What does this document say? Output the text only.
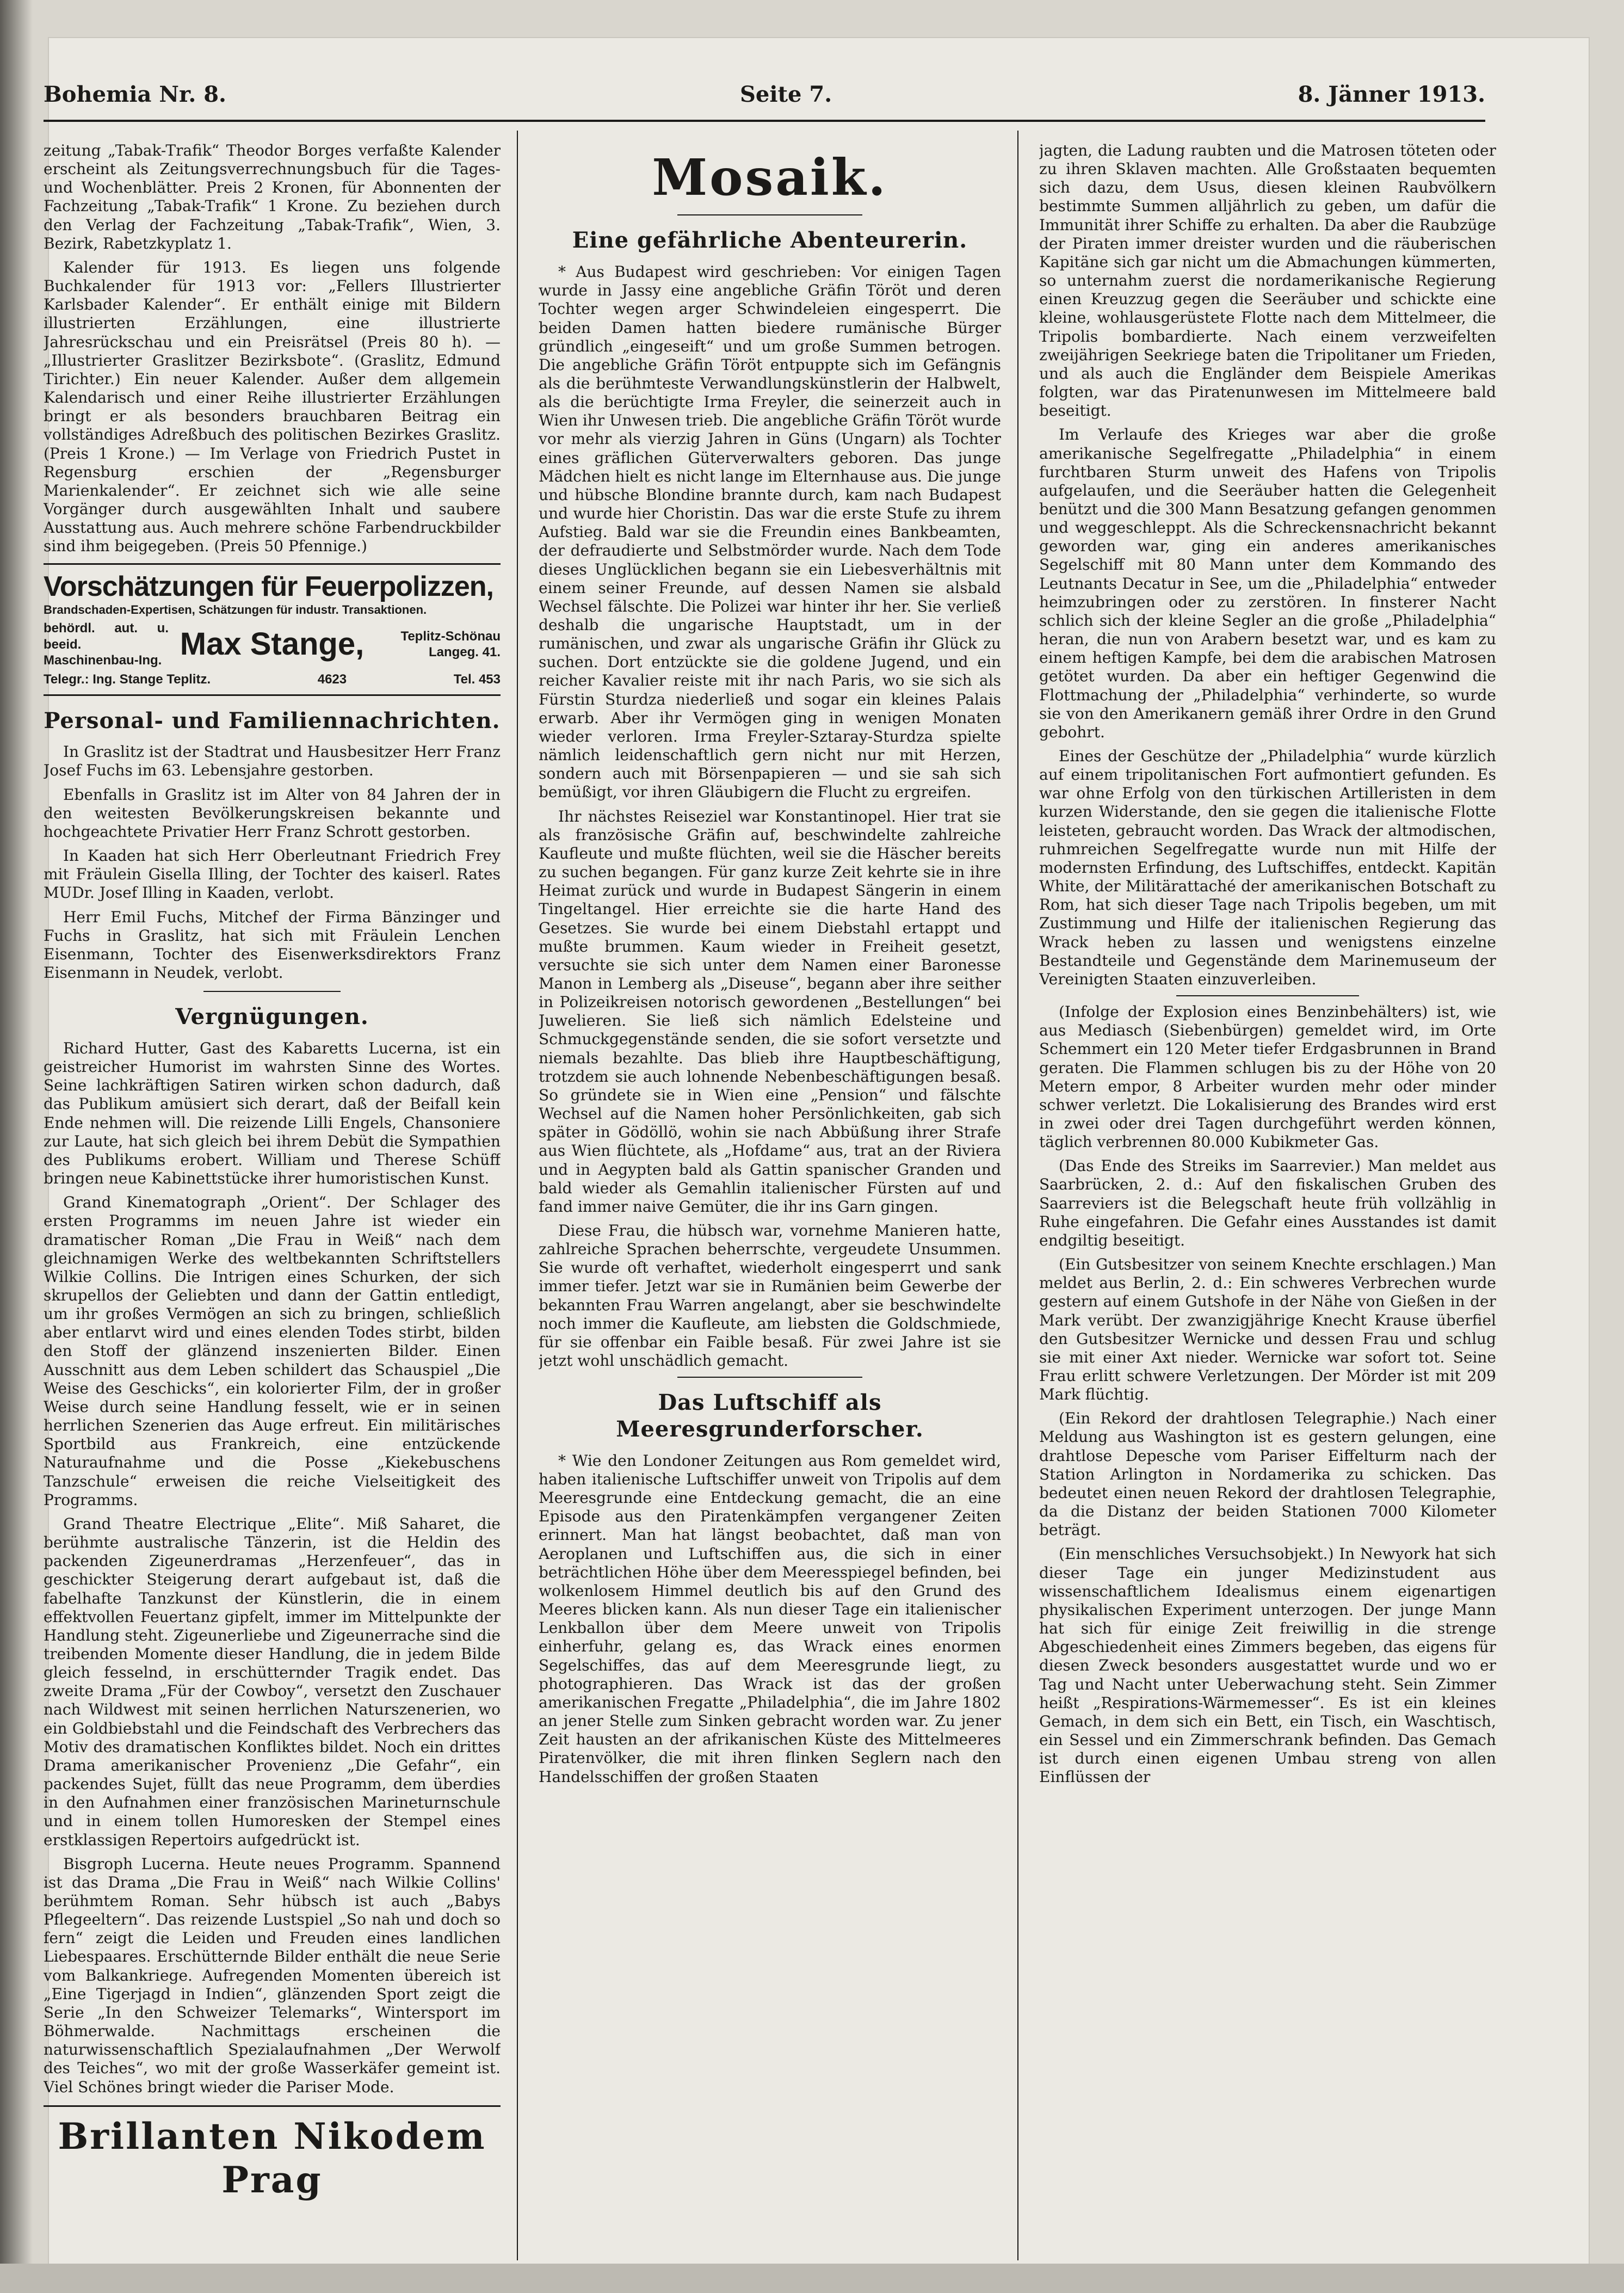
Bohemia Nr. 8.	Seite 7.	8. Jänner 1913.

zeitung „Tabak-Trafik“ Theodor Borges verfaßte Kalender erscheint als Zeitungsverrechnungsbuch für die Tages- und Wochenblätter. Preis 2 Kronen, für Abonnenten der Fachzeitung „Tabak-Trafik“ 1 Krone. Zu beziehen durch den Verlag der Fachzeitung „Tabak-Trafik“, Wien, 3. Bezirk, Rabetzkyplatz 1.

Kalender für 1913. Es liegen uns folgende Buchkalender für 1913 vor: „Fellers Illustrierter Karlsbader Kalender“. Er enthält einige mit Bildern illustrierten Erzählungen, eine illustrierte Jahresrückschau und ein Preisrätsel (Preis 80 h). — „Illustrierter Graslitzer Bezirksbote“. (Graslitz, Edmund Tirichter.) Ein neuer Kalender. Außer dem allgemein Kalendarisch und einer Reihe illustrierter Erzählungen bringt er als besonders brauchbaren Beitrag ein vollständiges Adreßbuch des politischen Bezirkes Graslitz. (Preis 1 Krone.) — Im Verlage von Friedrich Pustet in Regensburg erschien der „Regensburger Marienkalender“. Er zeichnet sich wie alle seine Vorgänger durch ausgewählten Inhalt und saubere Ausstattung aus. Auch mehrere schöne Farbendruckbilder sind ihm beigegeben. (Preis 50 Pfennige.)

Vorschätzungen für Feuerpolizzen,
Brandschaden-Expertisen, Schätzungen für industr. Transaktionen.
behördl. aut. u. beeid. Maschinenbau-Ing. Max Stange,	Teplitz-Schönau Langeg. 41.
Telegr.: Ing. Stange Teplitz.	4623	Tel. 453
Personal- und Familiennachrichten.

In Graslitz ist der Stadtrat und Hausbesitzer Herr Franz Josef Fuchs im 63. Lebensjahre gestorben.

Ebenfalls in Graslitz ist im Alter von 84 Jahren der in den weitesten Bevölkerungskreisen bekannte und hochgeachtete Privatier Herr Franz Schrott gestorben.

In Kaaden hat sich Herr Oberleutnant Friedrich Frey mit Fräulein Gisella Illing, der Tochter des kaiserl. Rates MUDr. Josef Illing in Kaaden, verlobt.

Herr Emil Fuchs, Mitchef der Firma Bänzinger und Fuchs in Graslitz, hat sich mit Fräulein Lenchen Eisenmann, Tochter des Eisenwerksdirektors Franz Eisenmann in Neudek, verlobt.

Vergnügungen.

Richard Hutter, Gast des Kabaretts Lucerna, ist ein geistreicher Humorist im wahrsten Sinne des Wortes. Seine lachkräftigen Satiren wirken schon dadurch, daß das Publikum amüsiert sich derart, daß der Beifall kein Ende nehmen will. Die reizende Lilli Engels, Chansoniere zur Laute, hat sich gleich bei ihrem Debüt die Sympathien des Publikums erobert. William und Therese Schüff bringen neue Kabinettstücke ihrer humoristischen Kunst.

Grand Kinematograph „Orient“. Der Schlager des ersten Programms im neuen Jahre ist wieder ein dramatischer Roman „Die Frau in Weiß“ nach dem gleichnamigen Werke des weltbekannten Schriftstellers Wilkie Collins. Die Intrigen eines Schurken, der sich skrupellos der Geliebten und dann der Gattin entledigt, um ihr großes Vermögen an sich zu bringen, schließlich aber entlarvt wird und eines elenden Todes stirbt, bilden den Stoff der glänzend inszenierten Bilder. Einen Ausschnitt aus dem Leben schildert das Schauspiel „Die Weise des Geschicks“, ein kolorierter Film, der in großer Weise durch seine Handlung fesselt, wie er in seinen herrlichen Szenerien das Auge erfreut. Ein militärisches Sportbild aus Frankreich, eine entzückende Naturaufnahme und die Posse „Kiekebuschens Tanzschule“ erweisen die reiche Vielseitigkeit des Programms.

Grand Theatre Electrique „Elite“. Miß Saharet, die berühmte australische Tänzerin, ist die Heldin des packenden Zigeunerdramas „Herzenfeuer“, das in geschickter Steigerung derart aufgebaut ist, daß die fabelhafte Tanzkunst der Künstlerin, die in einem effektvollen Feuertanz gipfelt, immer im Mittelpunkte der Handlung steht. Zigeunerliebe und Zigeunerrache sind die treibenden Momente dieser Handlung, die in jedem Bilde gleich fesselnd, in erschütternder Tragik endet. Das zweite Drama „Für der Cowboy“, versetzt den Zuschauer nach Wildwest mit seinen herrlichen Naturszenerien, wo ein Goldbiebstahl und die Feindschaft des Verbrechers das Motiv des dramatischen Konfliktes bildet. Noch ein drittes Drama amerikanischer Provenienz „Die Gefahr“, ein packendes Sujet, füllt das neue Programm, dem überdies in den Aufnahmen einer französischen Marineturnschule und in einem tollen Humoresken der Stempel eines erstklassigen Repertoirs aufgedrückt ist.

Bisgroph Lucerna. Heute neues Programm. Spannend ist das Drama „Die Frau in Weiß“ nach Wilkie Collins' berühmtem Roman. Sehr hübsch ist auch „Babys Pflegeeltern“. Das reizende Lustspiel „So nah und doch so fern“ zeigt die Leiden und Freuden eines landlichen Liebespaares. Erschütternde Bilder enthält die neue Serie vom Balkankriege. Aufregenden Momenten übereich ist „Eine Tigerjagd in Indien“, glänzenden Sport zeigt die Serie „In den Schweizer Telemarks“, Wintersport im Böhmerwalde. Nachmittags erscheinen die naturwissenschaftlich Spezialaufnahmen „Der Werwolf des Teiches“, wo mit der große Wasserkäfer gemeint ist. Viel Schönes bringt wieder die Pariser Mode.

Brillanten Nikodem Prag
Mosaik.
Eine gefährliche Abenteurerin.

* Aus Budapest wird geschrieben: Vor einigen Tagen wurde in Jassy eine angebliche Gräfin Töröt und deren Tochter wegen arger Schwindeleien eingesperrt. Die beiden Damen hatten biedere rumänische Bürger gründlich „eingeseift“ und um große Summen betrogen. Die angebliche Gräfin Töröt entpuppte sich im Gefängnis als die berühmteste Verwandlungskünstlerin der Halbwelt, als die berüchtigte Irma Freyler, die seinerzeit auch in Wien ihr Unwesen trieb. Die angebliche Gräfin Töröt wurde vor mehr als vierzig Jahren in Güns (Ungarn) als Tochter eines gräflichen Güterverwalters geboren. Das junge Mädchen hielt es nicht lange im Elternhause aus. Die junge und hübsche Blondine brannte durch, kam nach Budapest und wurde hier Choristin. Das war die erste Stufe zu ihrem Aufstieg. Bald war sie die Freundin eines Bankbeamten, der defraudierte und Selbstmörder wurde. Nach dem Tode dieses Unglücklichen begann sie ein Liebesverhältnis mit einem seiner Freunde, auf dessen Namen sie alsbald Wechsel fälschte. Die Polizei war hinter ihr her. Sie verließ deshalb die ungarische Hauptstadt, um in der rumänischen, und zwar als ungarische Gräfin ihr Glück zu suchen. Dort entzückte sie die goldene Jugend, und ein reicher Kavalier reiste mit ihr nach Paris, wo sie sich als Fürstin Sturdza niederließ und sogar ein kleines Palais erwarb. Aber ihr Vermögen ging in wenigen Monaten wieder verloren. Irma Freyler-Sztaray-Sturdza spielte nämlich leidenschaftlich gern nicht nur mit Herzen, sondern auch mit Börsenpapieren — und sie sah sich bemüßigt, vor ihren Gläubigern die Flucht zu ergreifen.

Ihr nächstes Reiseziel war Konstantinopel. Hier trat sie als französische Gräfin auf, beschwindelte zahlreiche Kaufleute und mußte flüchten, weil sie die Häscher bereits zu suchen begangen. Für ganz kurze Zeit kehrte sie in ihre Heimat zurück und wurde in Budapest Sängerin in einem Tingeltangel. Hier erreichte sie die harte Hand des Gesetzes. Sie wurde bei einem Diebstahl ertappt und mußte brummen. Kaum wieder in Freiheit gesetzt, versuchte sie sich unter dem Namen einer Baronesse Manon in Lemberg als „Diseuse“, begann aber ihre seither in Polizeikreisen notorisch gewordenen „Bestellungen“ bei Juwelieren. Sie ließ sich nämlich Edelsteine und Schmuckgegenstände senden, die sie sofort versetzte und niemals bezahlte. Das blieb ihre Hauptbeschäftigung, trotzdem sie auch lohnende Nebenbeschäftigungen besaß. So gründete sie in Wien eine „Pension“ und fälschte Wechsel auf die Namen hoher Persönlichkeiten, gab sich später in Gödöllö, wohin sie nach Abbüßung ihrer Strafe aus Wien flüchtete, als „Hofdame“ aus, trat an der Riviera und in Aegypten bald als Gattin spanischer Granden und bald wieder als Gemahlin italienischer Fürsten auf und fand immer naive Gemüter, die ihr ins Garn gingen.

Diese Frau, die hübsch war, vornehme Manieren hatte, zahlreiche Sprachen beherrschte, vergeudete Unsummen. Sie wurde oft verhaftet, wiederholt eingesperrt und sank immer tiefer. Jetzt war sie in Rumänien beim Gewerbe der bekannten Frau Warren angelangt, aber sie beschwindelte noch immer die Kaufleute, am liebsten die Goldschmiede, für sie offenbar ein Faible besaß. Für zwei Jahre ist sie jetzt wohl unschädlich gemacht.

Das Luftschiff als Meeresgrunderforscher.

* Wie den Londoner Zeitungen aus Rom gemeldet wird, haben italienische Luftschiffer unweit von Tripolis auf dem Meeresgrunde eine Entdeckung gemacht, die an eine Episode aus den Piratenkämpfen vergangener Zeiten erinnert. Man hat längst beobachtet, daß man von Aeroplanen und Luftschiffen aus, die sich in einer beträchtlichen Höhe über dem Meeresspiegel befinden, bei wolkenlosem Himmel deutlich bis auf den Grund des Meeres blicken kann. Als nun dieser Tage ein italienischer Lenkballon über dem Meere unweit von Tripolis einherfuhr, gelang es, das Wrack eines enormen Segelschiffes, das auf dem Meeresgrunde liegt, zu photographieren. Das Wrack ist das der großen amerikanischen Fregatte „Philadelphia“, die im Jahre 1802 an jener Stelle zum Sinken gebracht worden war. Zu jener Zeit hausten an der afrikanischen Küste des Mittelmeeres Piratenvölker, die mit ihren flinken Seglern nach den Handelsschiffen der großen Staaten

jagten, die Ladung raubten und die Matrosen töteten oder zu ihren Sklaven machten. Alle Großstaaten bequemten sich dazu, dem Usus, diesen kleinen Raubvölkern bestimmte Summen alljährlich zu geben, um dafür die Immunität ihrer Schiffe zu erhalten. Da aber die Raubzüge der Piraten immer dreister wurden und die räuberischen Kapitäne sich gar nicht um die Abmachungen kümmerten, so unternahm zuerst die nordamerikanische Regierung einen Kreuzzug gegen die Seeräuber und schickte eine kleine, wohlausgerüstete Flotte nach dem Mittelmeer, die Tripolis bombardierte. Nach einem verzweifelten zweijährigen Seekriege baten die Tripolitaner um Frieden, und als auch die Engländer dem Beispiele Amerikas folgten, war das Piratenunwesen im Mittelmeere bald beseitigt.

Im Verlaufe des Krieges war aber die große amerikanische Segelfregatte „Philadelphia“ in einem furchtbaren Sturm unweit des Hafens von Tripolis aufgelaufen, und die Seeräuber hatten die Gelegenheit benützt und die 300 Mann Besatzung gefangen genommen und weggeschleppt. Als die Schreckensnachricht bekannt geworden war, ging ein anderes amerikanisches Segelschiff mit 80 Mann unter dem Kommando des Leutnants Decatur in See, um die „Philadelphia“ entweder heimzubringen oder zu zerstören. In finsterer Nacht schlich sich der kleine Segler an die große „Philadelphia“ heran, die nun von Arabern besetzt war, und es kam zu einem heftigen Kampfe, bei dem die arabischen Matrosen getötet wurden. Da aber ein heftiger Gegenwind die Flottmachung der „Philadelphia“ verhinderte, so wurde sie von den Amerikanern gemäß ihrer Ordre in den Grund gebohrt.

Eines der Geschütze der „Philadelphia“ wurde kürzlich auf einem tripolitanischen Fort aufmontiert gefunden. Es war ohne Erfolg von den türkischen Artilleristen in dem kurzen Widerstande, den sie gegen die italienische Flotte leisteten, gebraucht worden. Das Wrack der altmodischen, ruhmreichen Segelfregatte wurde nun mit Hilfe der modernsten Erfindung, des Luftschiffes, entdeckt. Kapitän White, der Militärattaché der amerikanischen Botschaft zu Rom, hat sich dieser Tage nach Tripolis begeben, um mit Zustimmung und Hilfe der italienischen Regierung das Wrack heben zu lassen und wenigstens einzelne Bestandteile und Gegenstände dem Marinemuseum der Vereinigten Staaten einzuverleiben.

(Infolge der Explosion eines Benzinbehälters) ist, wie aus Mediasch (Siebenbürgen) gemeldet wird, im Orte Schemmert ein 120 Meter tiefer Erdgasbrunnen in Brand geraten. Die Flammen schlugen bis zu der Höhe von 20 Metern empor, 8 Arbeiter wurden mehr oder minder schwer verletzt. Die Lokalisierung des Brandes wird erst in zwei oder drei Tagen durchgeführt werden können, täglich verbrennen 80.000 Kubikmeter Gas.

(Das Ende des Streiks im Saarrevier.) Man meldet aus Saarbrücken, 2. d.: Auf den fiskalischen Gruben des Saarreviers ist die Belegschaft heute früh vollzählig in Ruhe eingefahren. Die Gefahr eines Ausstandes ist damit endgiltig beseitigt.

(Ein Gutsbesitzer von seinem Knechte erschlagen.) Man meldet aus Berlin, 2. d.: Ein schweres Verbrechen wurde gestern auf einem Gutshofe in der Nähe von Gießen in der Mark verübt. Der zwanzigjährige Knecht Krause überfiel den Gutsbesitzer Wernicke und dessen Frau und schlug sie mit einer Axt nieder. Wernicke war sofort tot. Seine Frau erlitt schwere Verletzungen. Der Mörder ist mit 209 Mark flüchtig.

(Ein Rekord der drahtlosen Telegraphie.) Nach einer Meldung aus Washington ist es gestern gelungen, eine drahtlose Depesche vom Pariser Eiffelturm nach der Station Arlington in Nordamerika zu schicken. Das bedeutet einen neuen Rekord der drahtlosen Telegraphie, da die Distanz der beiden Stationen 7000 Kilometer beträgt.

(Ein menschliches Versuchsobjekt.) In Newyork hat sich dieser Tage ein junger Medizinstudent aus wissenschaftlichem Idealismus einem eigenartigen physikalischen Experiment unterzogen. Der junge Mann hat sich für einige Zeit freiwillig in die strenge Abgeschiedenheit eines Zimmers begeben, das eigens für diesen Zweck besonders ausgestattet wurde und wo er Tag und Nacht unter Ueberwachung steht. Sein Zimmer heißt „Respirations-Wärmemesser“. Es ist ein kleines Gemach, in dem sich ein Bett, ein Tisch, ein Waschtisch, ein Sessel und ein Zimmerschrank befinden. Das Gemach ist durch einen eigenen Umbau streng von allen Einflüssen der
